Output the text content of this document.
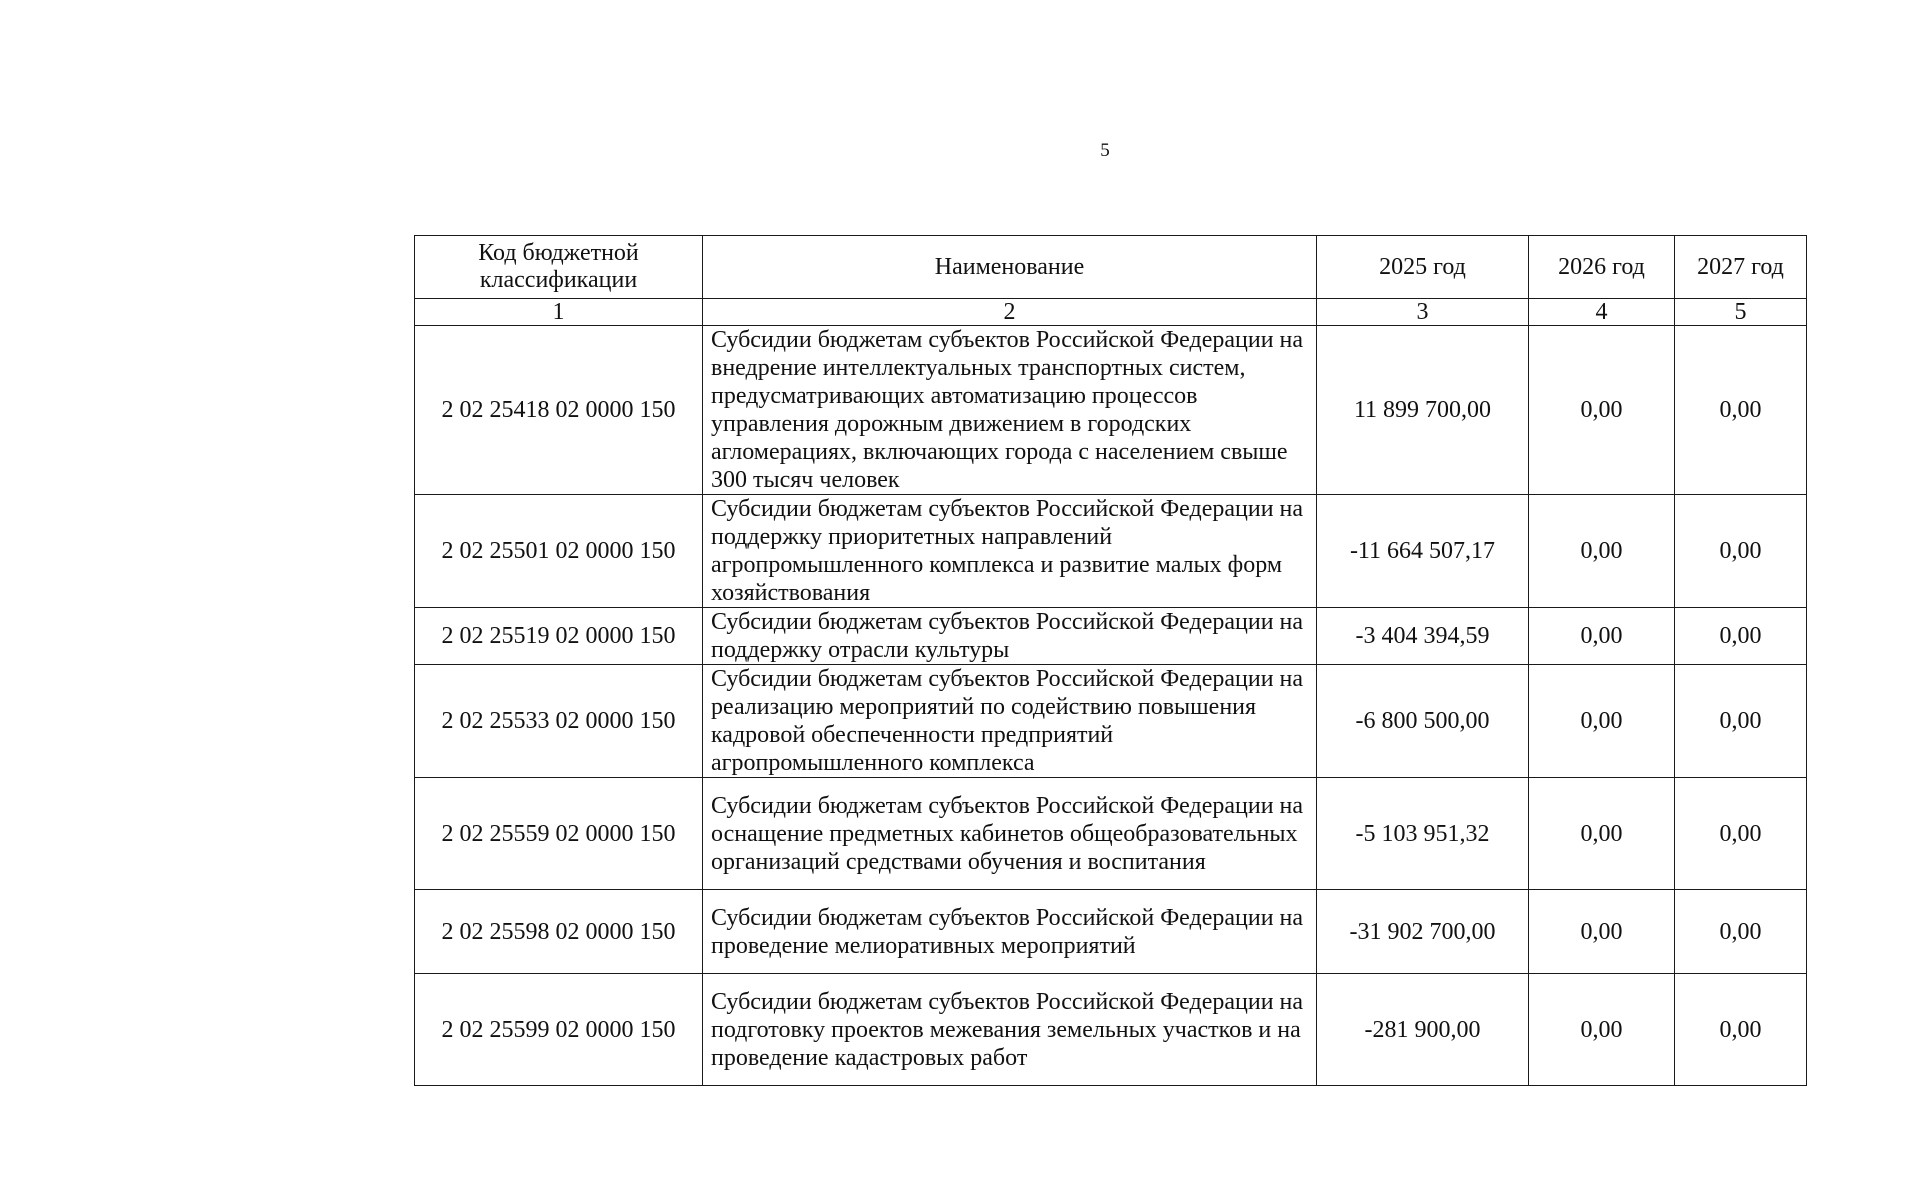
5
Код бюджетной классификации	Наименование	2025 год	2026 год	2027 год
1	2	3	4	5
2 02 25418 02 0000 150	Субсидии бюджетам субъектов Российской Федерации на внедрение интеллектуальных транспортных систем, предусматривающих автоматизацию процессов управления дорожным движением в городских агломерациях, включающих города с населением свыше 300 тысяч человек	11 899 700,00	0,00	0,00
2 02 25501 02 0000 150	Субсидии бюджетам субъектов Российской Федерации на поддержку приоритетных направлений агропромышленного комплекса и развитие малых форм хозяйствования	-11 664 507,17	0,00	0,00
2 02 25519 02 0000 150	Субсидии бюджетам субъектов Российской Федерации на поддержку отрасли культуры	-3 404 394,59	0,00	0,00
2 02 25533 02 0000 150	Субсидии бюджетам субъектов Российской Федерации на реализацию мероприятий по содействию повышения кадровой обеспеченности предприятий агропромышленного комплекса	-6 800 500,00	0,00	0,00
2 02 25559 02 0000 150	Субсидии бюджетам субъектов Российской Федерации на оснащение предметных кабинетов общеобразовательных организаций средствами обучения и воспитания	-5 103 951,32	0,00	0,00
2 02 25598 02 0000 150	Субсидии бюджетам субъектов Российской Федерации на проведение мелиоративных мероприятий	-31 902 700,00	0,00	0,00
2 02 25599 02 0000 150	Субсидии бюджетам субъектов Российской Федерации на подготовку проектов межевания земельных участков и на проведение кадастровых работ	-281 900,00	0,00	0,00
